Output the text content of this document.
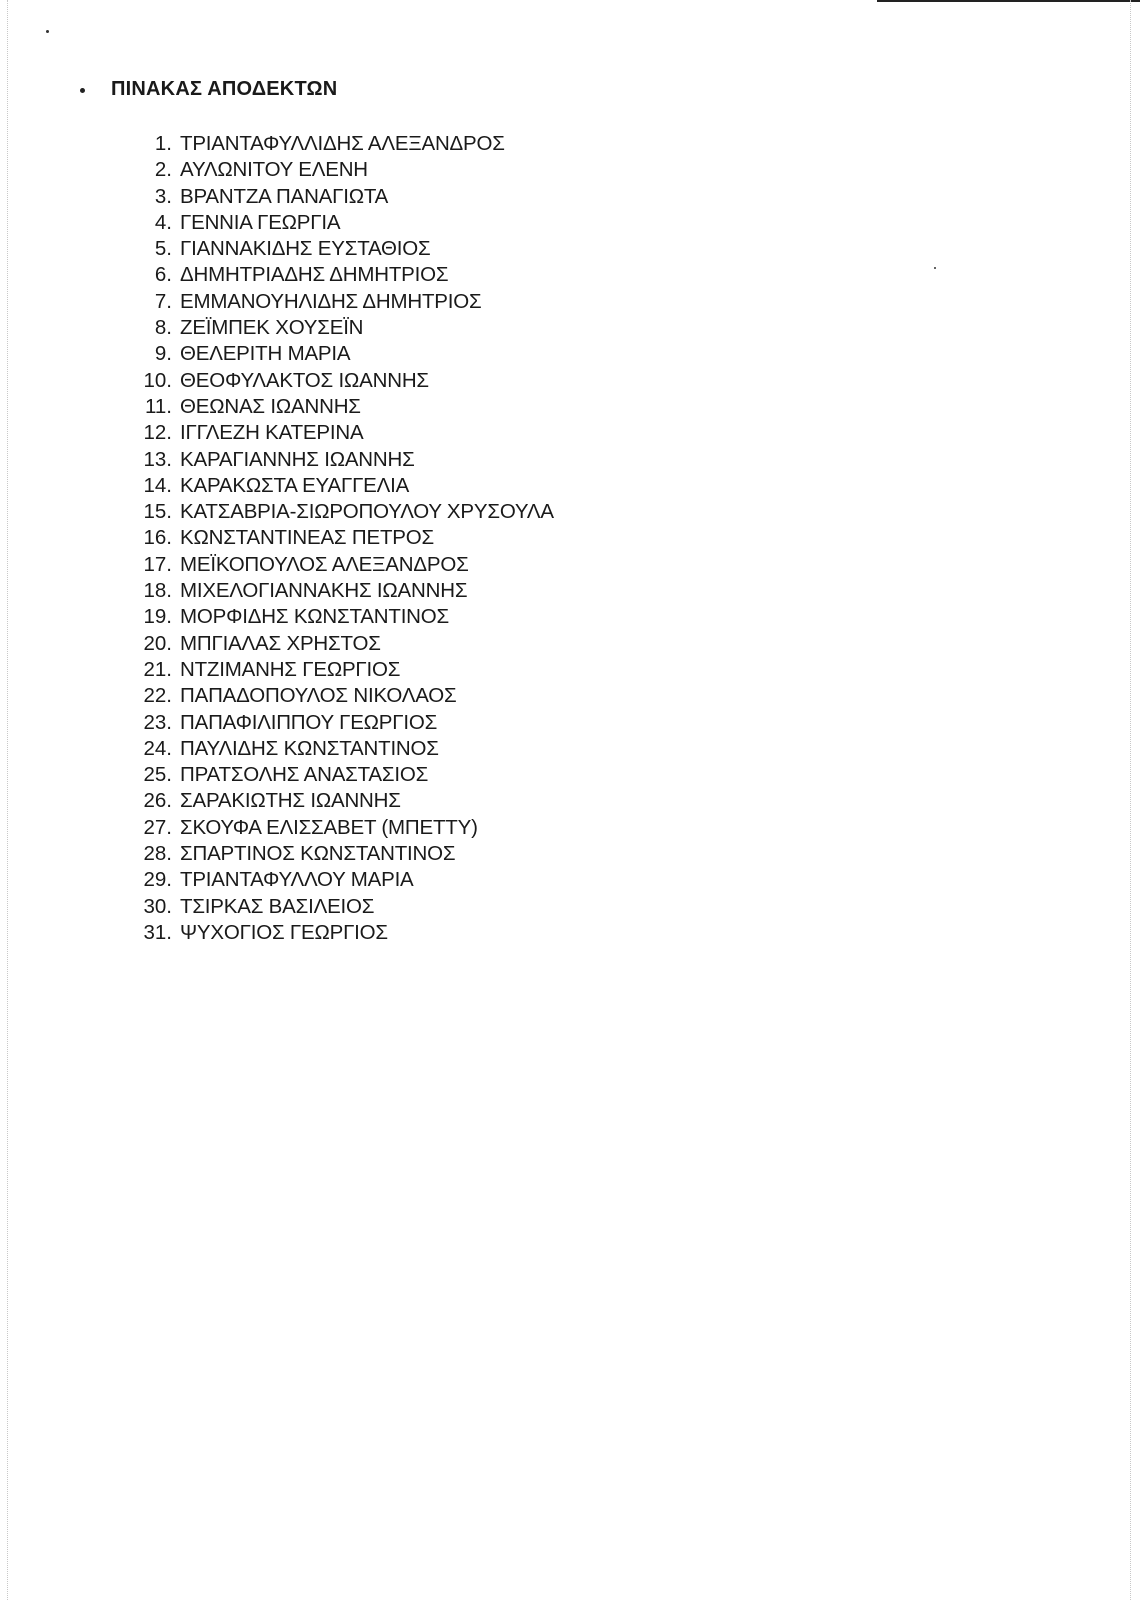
ΠΙΝΑΚΑΣ ΑΠΟΔΕΚΤΩΝ
1. ΤΡΙΑΝΤΑΦΥΛΛΙΔΗΣ ΑΛΕΞΑΝΔΡΟΣ
2. ΑΥΛΩΝΙΤΟΥ ΕΛΕΝΗ
3. ΒΡΑΝΤΖΑ ΠΑΝΑΓΙΩΤΑ
4. ΓΕΝΝΙΑ ΓΕΩΡΓΙΑ
5. ΓΙΑΝΝΑΚΙΔΗΣ ΕΥΣΤΑΘΙΟΣ
6. ΔΗΜΗΤΡΙΑΔΗΣ ΔΗΜΗΤΡΙΟΣ
7. ΕΜΜΑΝΟΥΗΛΙΔΗΣ ΔΗΜΗΤΡΙΟΣ
8. ΖΕΪΜΠΕΚ ΧΟΥΣΕΪΝ
9. ΘΕΛΕΡΙΤΗ ΜΑΡΙΑ
10. ΘΕΟΦΥΛΑΚΤΟΣ ΙΩΑΝΝΗΣ
11. ΘΕΩΝΑΣ ΙΩΑΝΝΗΣ
12. ΙΓΓΛΕΖΗ ΚΑΤΕΡΙΝΑ
13. ΚΑΡΑΓΙΑΝΝΗΣ ΙΩΑΝΝΗΣ
14. ΚΑΡΑΚΩΣΤΑ ΕΥΑΓΓΕΛΙΑ
15. ΚΑΤΣΑΒΡΙΑ-ΣΙΩΡΟΠΟΥΛΟΥ ΧΡΥΣΟΥΛΑ
16. ΚΩΝΣΤΑΝΤΙΝΕΑΣ ΠΕΤΡΟΣ
17. ΜΕΪΚΟΠΟΥΛΟΣ ΑΛΕΞΑΝΔΡΟΣ
18. ΜΙΧΕΛΟΓΙΑΝΝΑΚΗΣ ΙΩΑΝΝΗΣ
19. ΜΟΡΦΙΔΗΣ ΚΩΝΣΤΑΝΤΙΝΟΣ
20. ΜΠΓΙΑΛΑΣ ΧΡΗΣΤΟΣ
21. ΝΤΖΙΜΑΝΗΣ ΓΕΩΡΓΙΟΣ
22. ΠΑΠΑΔΟΠΟΥΛΟΣ ΝΙΚΟΛΑΟΣ
23. ΠΑΠΑΦΙΛΙΠΠΟΥ ΓΕΩΡΓΙΟΣ
24. ΠΑΥΛΙΔΗΣ ΚΩΝΣΤΑΝΤΙΝΟΣ
25. ΠΡΑΤΣΟΛΗΣ ΑΝΑΣΤΑΣΙΟΣ
26. ΣΑΡΑΚΙΩΤΗΣ ΙΩΑΝΝΗΣ
27. ΣΚΟΥΦΑ ΕΛΙΣΣΑΒΕΤ (ΜΠΕΤΤΥ)
28. ΣΠΑΡΤΙΝΟΣ ΚΩΝΣΤΑΝΤΙΝΟΣ
29. ΤΡΙΑΝΤΑΦΥΛΛΟΥ ΜΑΡΙΑ
30. ΤΣΙΡΚΑΣ ΒΑΣΙΛΕΙΟΣ
31. ΨΥΧΟΓΙΟΣ ΓΕΩΡΓΙΟΣ
